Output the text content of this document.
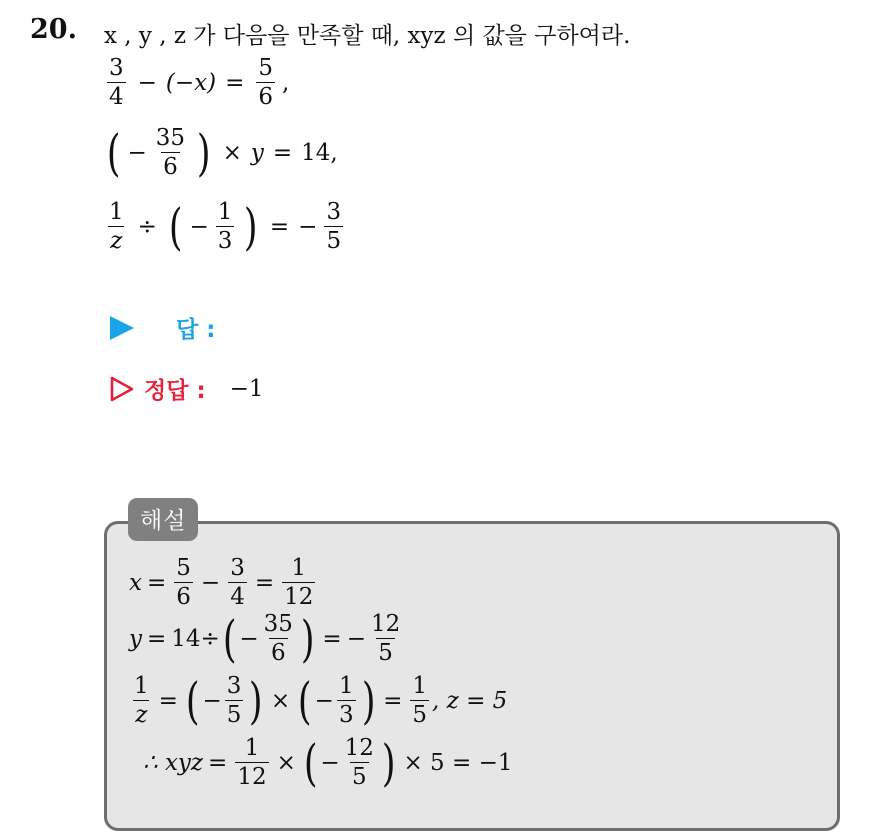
20. x , y , z 가 다음을 만족할 때, xyz 의 값을 구하여라.
$\frac{3}{4} - (-x) = \frac{5}{6}$ ,
( − $\frac{35}{6}$ ) × y = 14,
$\frac{1}{z}$ ÷ ( − $\frac{1}{3}$ ) = − $\frac{3}{5}$
답 :
정답 : −1
해설
$x = \frac{5}{6} - \frac{3}{4} = \frac{1}{12}$
y = 14÷ ( − $\frac{35}{6}$ ) = − $\frac{12}{5}$
$\frac{1}{z}$ = ( − $\frac{3}{5}$ ) × ( − $\frac{1}{3}$ ) = $\frac{1}{5}$ , z = 5
∴ xyz = $\frac{1}{12}$ × ( − $\frac{12}{5}$ ) × 5 = −1
